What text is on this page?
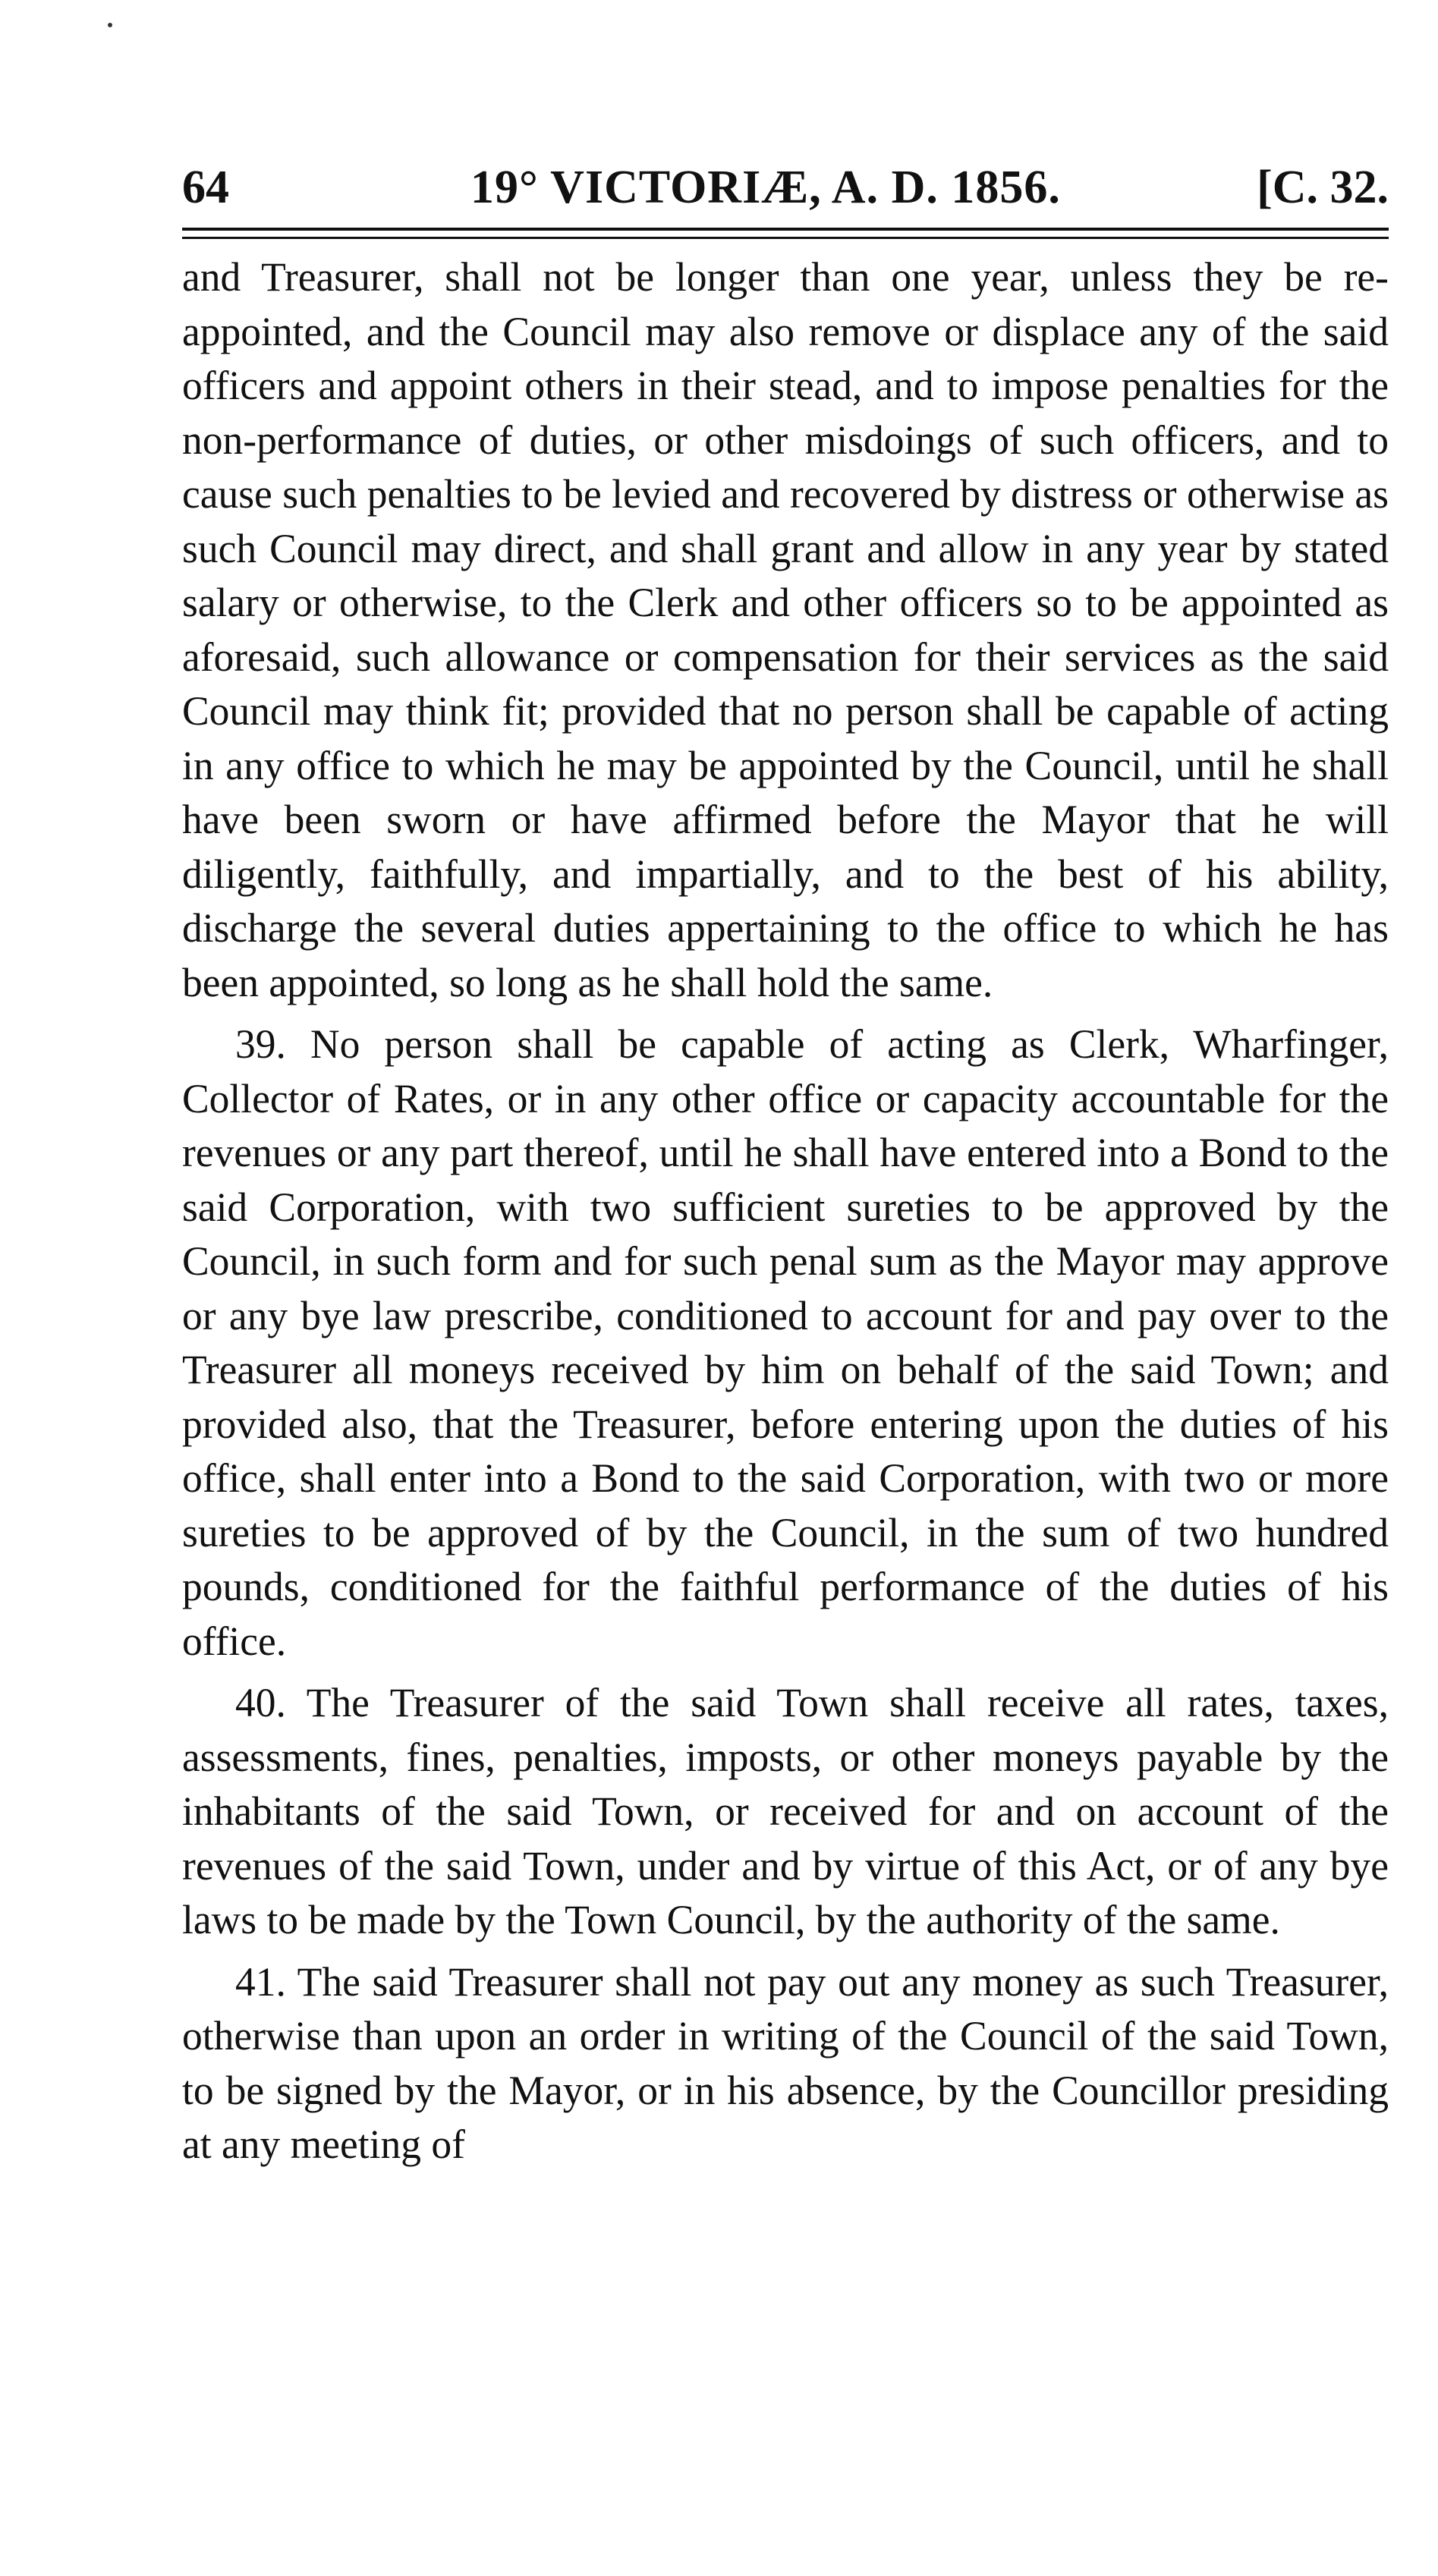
64	19° VICTORIÆ, A. D. 1856.	[C. 32.

and Treasurer, shall not be longer than one year, unless they be re-appointed, and the Council may also remove or displace any of the said officers and appoint others in their stead, and to impose penalties for the non-performance of duties, or other misdoings of such officers, and to cause such penalties to be levied and recovered by distress or otherwise as such Council may direct, and shall grant and allow in any year by stated salary or otherwise, to the Clerk and other officers so to be appointed as aforesaid, such allowance or compensation for their services as the said Council may think fit; provided that no person shall be capable of acting in any office to which he may be appointed by the Council, until he shall have been sworn or have affirmed before the Mayor that he will diligently, faithfully, and impartially, and to the best of his ability, discharge the several duties appertaining to the office to which he has been appointed, so long as he shall hold the same.

39. No person shall be capable of acting as Clerk, Wharfinger, Collector of Rates, or in any other office or capacity accountable for the revenues or any part thereof, until he shall have entered into a Bond to the said Corporation, with two sufficient sureties to be approved by the Council, in such form and for such penal sum as the Mayor may approve or any bye law prescribe, conditioned to account for and pay over to the Treasurer all moneys received by him on behalf of the said Town; and provided also, that the Treasurer, before entering upon the duties of his office, shall enter into a Bond to the said Corporation, with two or more sureties to be approved of by the Council, in the sum of two hundred pounds, conditioned for the faithful performance of the duties of his office.

40. The Treasurer of the said Town shall receive all rates, taxes, assessments, fines, penalties, imposts, or other moneys payable by the inhabitants of the said Town, or received for and on account of the revenues of the said Town, under and by virtue of this Act, or of any bye laws to be made by the Town Council, by the authority of the same.

41. The said Treasurer shall not pay out any money as such Treasurer, otherwise than upon an order in writing of the Council of the said Town, to be signed by the Mayor, or in his absence, by the Councillor presiding at any meeting of
